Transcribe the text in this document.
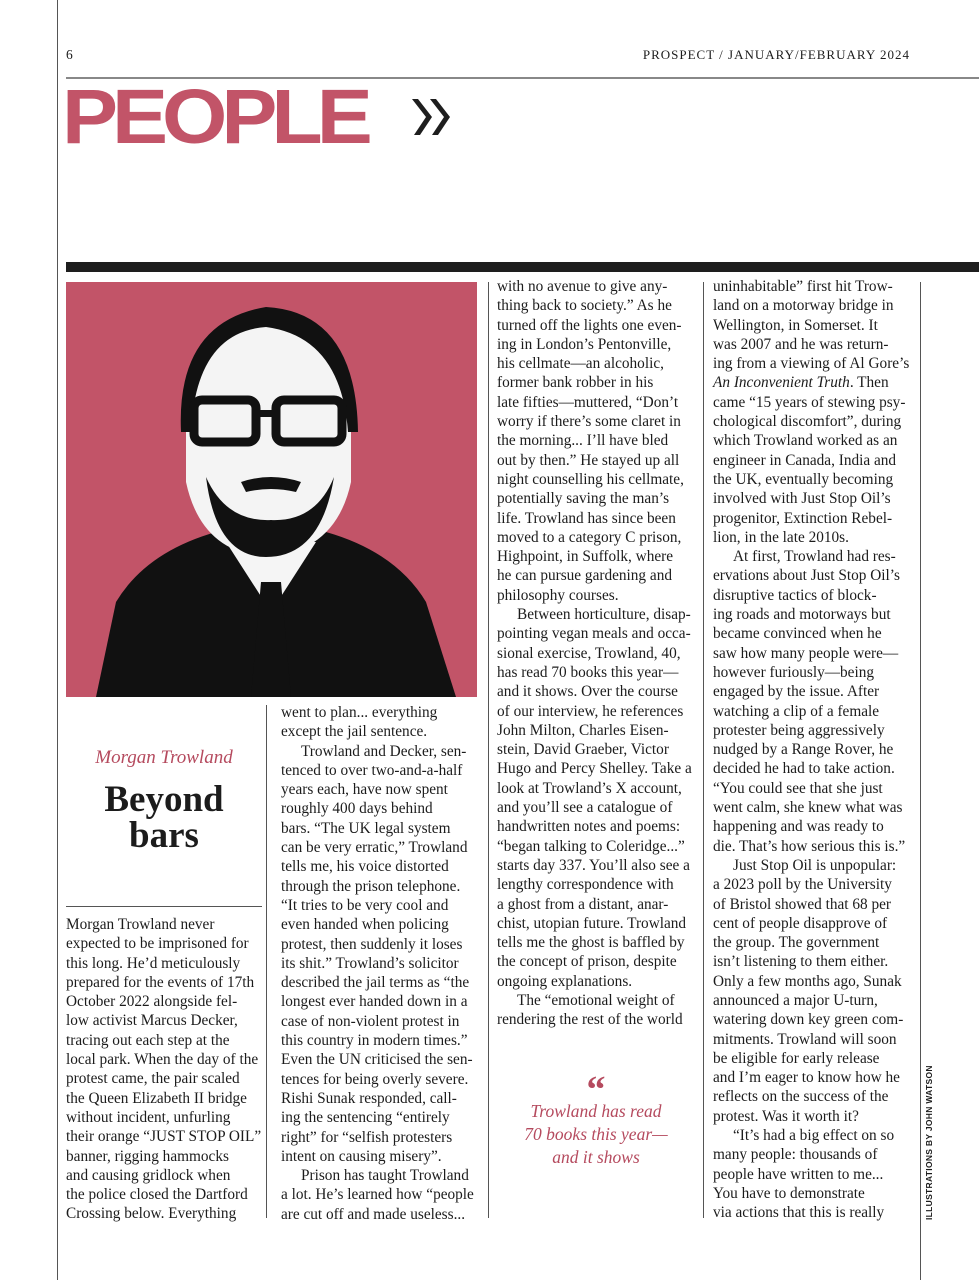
6	PROSPECT / JANUARY/FEBRUARY 2024
PEOPLE
Morgan Trowland
Beyond
bars
Morgan Trowland never
expected to be imprisoned for
this long. He’d meticulously
prepared for the events of 17th
October 2022 alongside fel-
low activist Marcus Decker,
tracing out each step at the
local park. When the day of the
protest came, the pair scaled
the Queen Elizabeth II bridge
without incident, unfurling
their orange “JUST STOP OIL”
banner, rigging hammocks
and causing gridlock when
the police closed the Dartford
Crossing below. Everything
went to plan... everything
except the jail sentence.
Trowland and Decker, sen-
tenced to over two-and-a-half
years each, have now spent
roughly 400 days behind
bars. “The UK legal system
can be very erratic,” Trowland
tells me, his voice distorted
through the prison telephone.
“It tries to be very cool and
even handed when policing
protest, then suddenly it loses
its shit.” Trowland’s solicitor
described the jail terms as “the
longest ever handed down in a
case of non-violent protest in
this country in modern times.”
Even the UN criticised the sen-
tences for being overly severe.
Rishi Sunak responded, call-
ing the sentencing “entirely
right” for “selfish protesters
intent on causing misery”.
Prison has taught Trowland
a lot. He’s learned how “people
are cut off and made useless...
with no avenue to give any-
thing back to society.” As he
turned off the lights one even-
ing in London’s Pentonville,
his cellmate—an alcoholic,
former bank robber in his
late fifties—muttered, “Don’t
worry if there’s some claret in
the morning... I’ll have bled
out by then.” He stayed up all
night counselling his cellmate,
potentially saving the man’s
life. Trowland has since been
moved to a category C prison,
Highpoint, in Suffolk, where
he can pursue gardening and
philosophy courses.
Between horticulture, disap-
pointing vegan meals and occa-
sional exercise, Trowland, 40,
has read 70 books this year—
and it shows. Over the course
of our interview, he references
John Milton, Charles Eisen-
stein, David Graeber, Victor
Hugo and Percy Shelley. Take a
look at Trowland’s X account,
and you’ll see a catalogue of
handwritten notes and poems:
“began talking to Coleridge...”
starts day 337. You’ll also see a
lengthy correspondence with
a ghost from a distant, anar-
chist, utopian future. Trowland
tells me the ghost is baffled by
the concept of prison, despite
ongoing explanations.
The “emotional weight of
rendering the rest of the world
uninhabitable” first hit Trow-
land on a motorway bridge in
Wellington, in Somerset. It
was 2007 and he was return-
ing from a viewing of Al Gore’s
An Inconvenient Truth. Then
came “15 years of stewing psy-
chological discomfort”, during
which Trowland worked as an
engineer in Canada, India and
the UK, eventually becoming
involved with Just Stop Oil’s
progenitor, Extinction Rebel-
lion, in the late 2010s.
At first, Trowland had res-
ervations about Just Stop Oil’s
disruptive tactics of block-
ing roads and motorways but
became convinced when he
saw how many people were—
however furiously—being
engaged by the issue. After
watching a clip of a female
protester being aggressively
nudged by a Range Rover, he
decided he had to take action.
“You could see that she just
went calm, she knew what was
happening and was ready to
die. That’s how serious this is.”
Just Stop Oil is unpopular:
a 2023 poll by the University
of Bristol showed that 68 per
cent of people disapprove of
the group. The government
isn’t listening to them either.
Only a few months ago, Sunak
announced a major U-turn,
watering down key green com-
mitments. Trowland will soon
be eligible for early release
and I’m eager to know how he
reflects on the success of the
protest. Was it worth it?
“It’s had a big effect on so
many people: thousands of
people have written to me...
You have to demonstrate
via actions that this is really
“
Trowland has read
70 books this year—
and it shows	ILLUSTRATIONS BY JOHN WATSON
